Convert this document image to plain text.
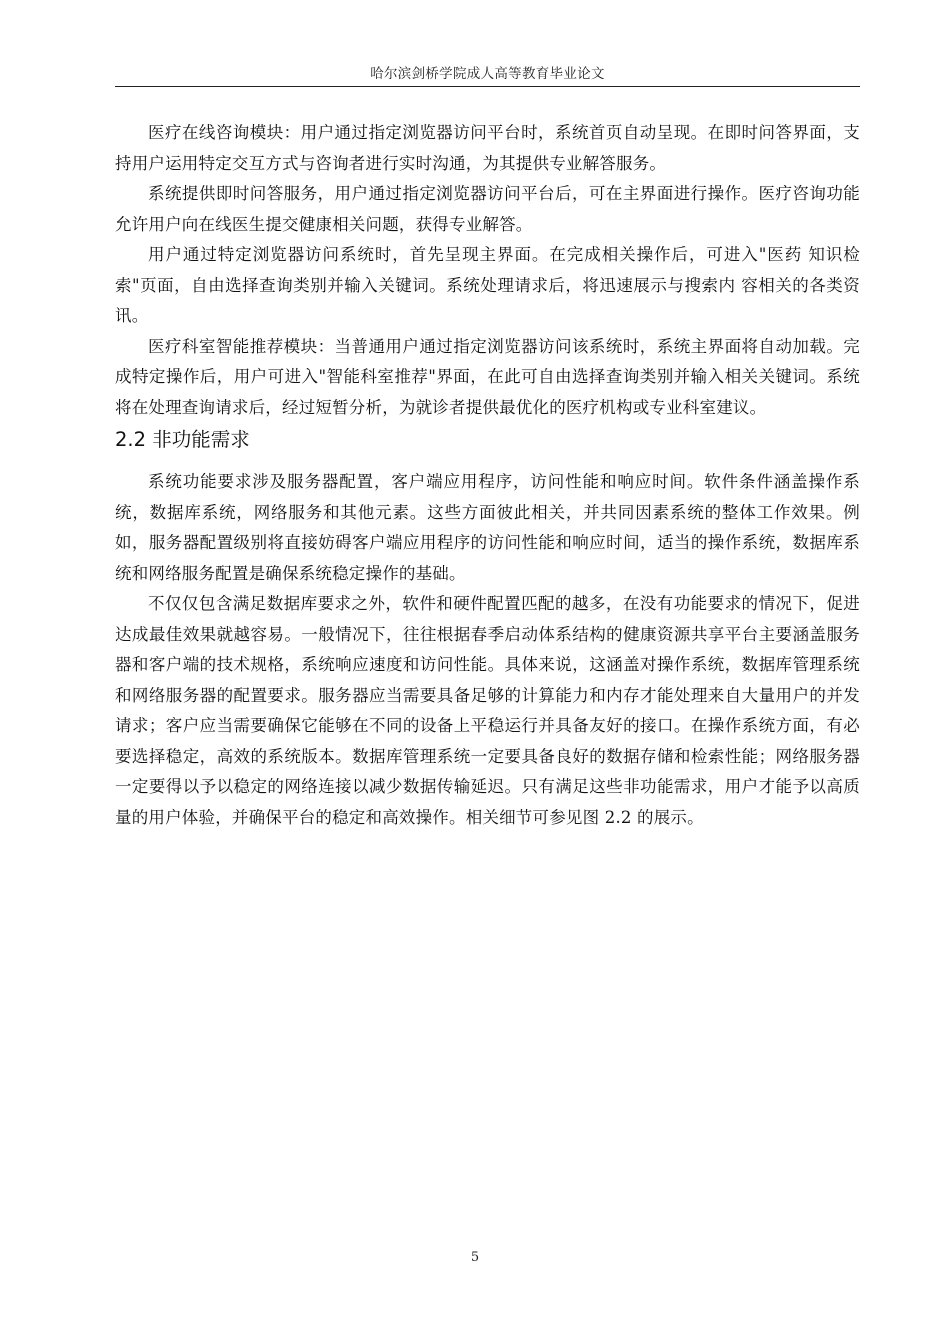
哈尔滨剑桥学院成人高等教育毕业论文

医疗在线咨询模块：用户通过指定浏览器访问平台时，系统首页自动呈现。在即时问答界面，支持用户运用特定交互方式与咨询者进行实时沟通，为其提供专业解答服务。

系统提供即时问答服务，用户通过指定浏览器访问平台后，可在主界面进行操作。医疗咨询功能允许用户向在线医生提交健康相关问题，获得专业解答。

用户通过特定浏览器访问系统时，首先呈现主界面。在完成相关操作后，可进入"医药 知识检索"页面，自由选择查询类别并输入关键词。系统处理请求后，将迅速展示与搜索内 容相关的各类资讯。

医疗科室智能推荐模块：当普通用户通过指定浏览器访问该系统时，系统主界面将自动加载。完成特定操作后，用户可进入"智能科室推荐"界面，在此可自由选择查询类别并输入相关关键词。系统将在处理查询请求后，经过短暂分析，为就诊者提供最优化的医疗机构或专业科室建议。

2.2 非功能需求

系统功能要求涉及服务器配置，客户端应用程序，访问性能和响应时间。软件条件涵盖操作系统，数据库系统，网络服务和其他元素。这些方面彼此相关，并共同因素系统的整体工作效果。例如，服务器配置级别将直接妨碍客户端应用程序的访问性能和响应时间，适当的操作系统，数据库系统和网络服务配置是确保系统稳定操作的基础。

不仅仅包含满足数据库要求之外，软件和硬件配置匹配的越多，在没有功能要求的情况下，促进达成最佳效果就越容易。一般情况下，往往根据春季启动体系结构的健康资源共享平台主要涵盖服务器和客户端的技术规格，系统响应速度和访问性能。具体来说，这涵盖对操作系统，数据库管理系统和网络服务器的配置要求。服务器应当需要具备足够的计算能力和内存才能处理来自大量用户的并发请求；客户应当需要确保它能够在不同的设备上平稳运行并具备友好的接口。在操作系统方面，有必要选择稳定，高效的系统版本。数据库管理系统一定要具备良好的数据存储和检索性能；网络服务器一定要得以予以稳定的网络连接以减少数据传输延迟。只有满足这些非功能需求，用户才能予以高质量的用户体验，并确保平台的稳定和高效操作。相关细节可参见图 2.2 的展示。

5
